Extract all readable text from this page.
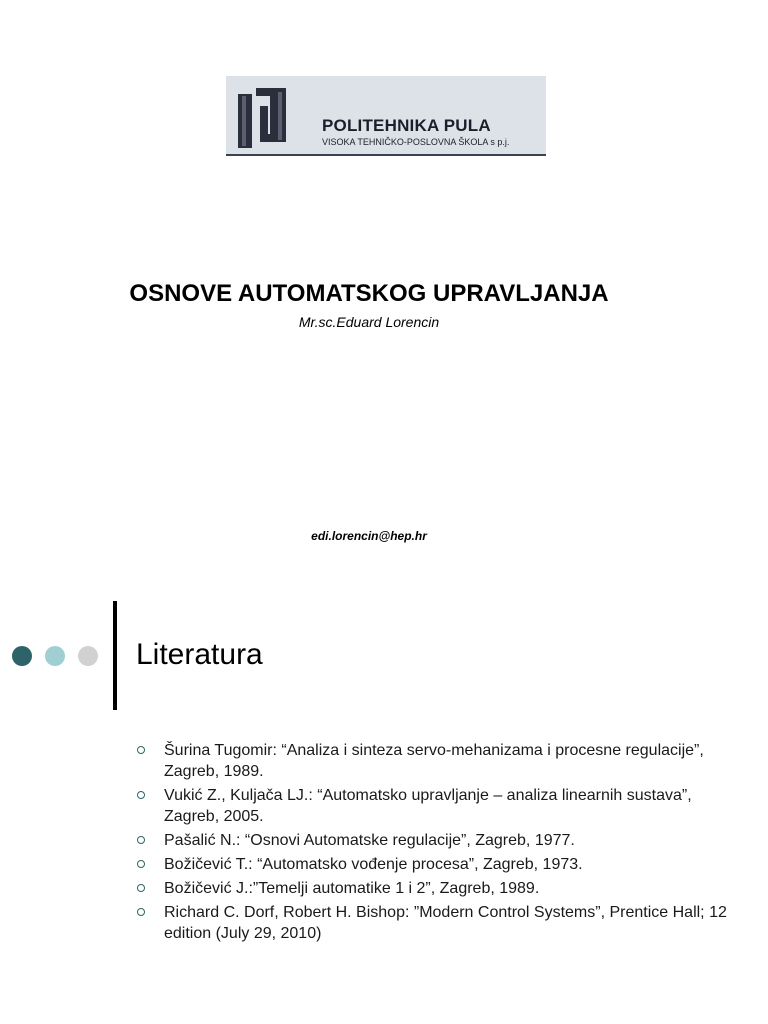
POLITEHNIKA PULA
VISOKA TEHNIČKO-POSLOVNA ŠKOLA s p.j.
OSNOVE AUTOMATSKOG UPRAVLJANJA
Mr.sc.Eduard Lorencin
edi.lorencin@hep.hr
Literatura
Šurina Tugomir: “Analiza i sinteza servo-mehanizama i procesne regulacije”, Zagreb, 1989.
Vukić Z., Kuljača LJ.: “Automatsko upravljanje – analiza linearnih sustava”, Zagreb, 2005.
Pašalić N.: “Osnovi Automatske regulacije”, Zagreb, 1977.
Božičević T.: “Automatsko vođenje procesa”, Zagreb, 1973.
Božičević J.:”Temelji automatike 1 i 2”, Zagreb, 1989.
Richard C. Dorf, Robert H. Bishop: ”Modern Control Systems”, Prentice Hall; 12 edition (July 29, 2010)
